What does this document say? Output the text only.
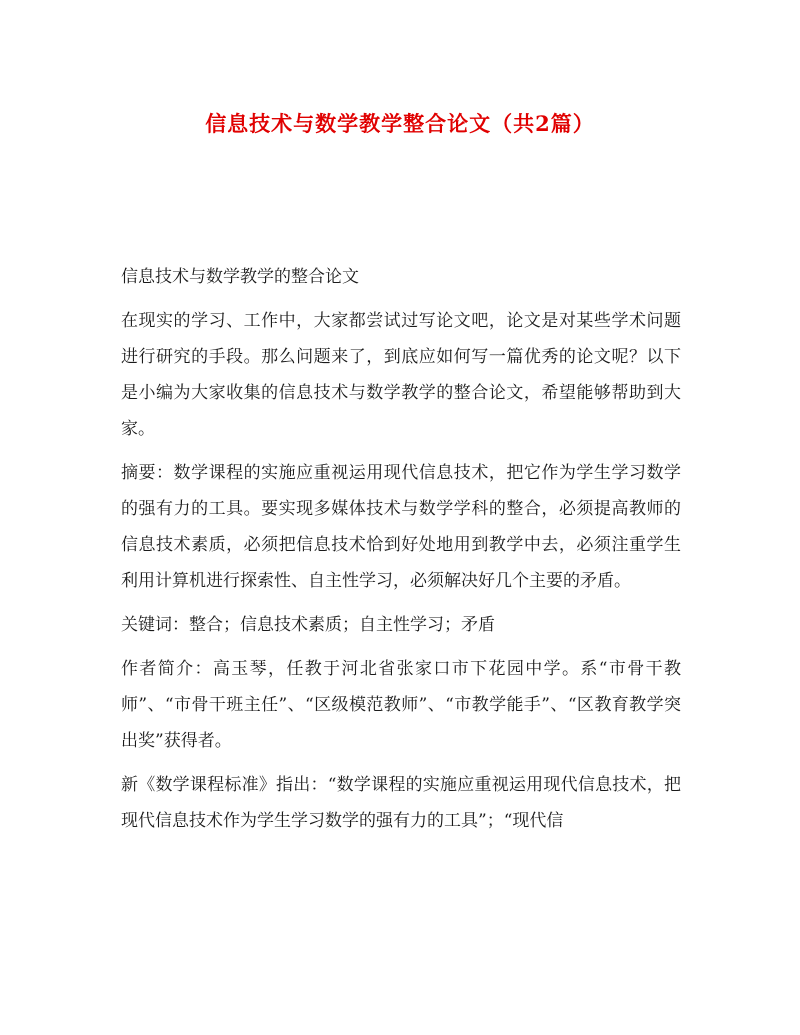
信息技术与数学教学整合论文（共2篇）

信息技术与数学教学的整合论文

在现实的学习、工作中，大家都尝试过写论文吧，论文是对某些学术问题进行研究的手段。那么问题来了，到底应如何写一篇优秀的论文呢？以下是小编为大家收集的信息技术与数学教学的整合论文，希望能够帮助到大家。

摘要：数学课程的实施应重视运用现代信息技术，把它作为学生学习数学的强有力的工具。要实现多媒体技术与数学学科的整合，必须提高教师的信息技术素质，必须把信息技术恰到好处地用到教学中去，必须注重学生利用计算机进行探索性、自主性学习，必须解决好几个主要的矛盾。

关键词：整合；信息技术素质；自主性学习；矛盾

作者简介：高玉琴，任教于河北省张家口市下花园中学。系“市骨干教师”、“市骨干班主任”、“区级模范教师”、“市教学能手”、“区教育教学突出奖”获得者。

新《数学课程标准》指出：“数学课程的实施应重视运用现代信息技术，把现代信息技术作为学生学习数学的强有力的工具”；“现代信
